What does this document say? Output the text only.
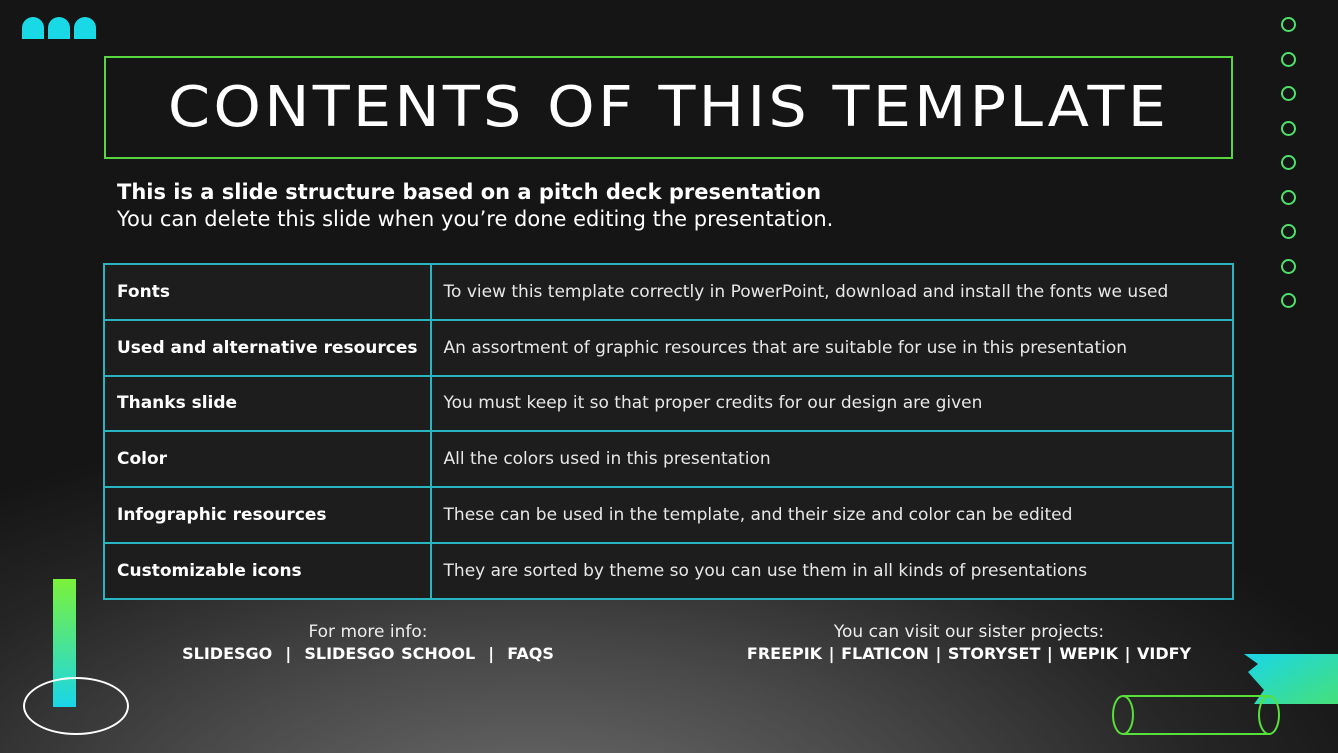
CONTENTS OF THIS TEMPLATE
This is a slide structure based on a pitch deck presentation
You can delete this slide when you’re done editing the presentation.
Fonts	To view this template correctly in PowerPoint, download and install the fonts we used
Used and alternative resources	An assortment of graphic resources that are suitable for use in this presentation
Thanks slide	You must keep it so that proper credits for our design are given
Color	All the colors used in this presentation
Infographic resources	These can be used in the template, and their size and color can be edited
Customizable icons	They are sorted by theme so you can use them in all kinds of presentations
For more info:
SLIDESGO  |  SLIDESGO SCHOOL  |  FAQS
You can visit our sister projects:
FREEPIK | FLATICON | STORYSET | WEPIK | VIDFY
